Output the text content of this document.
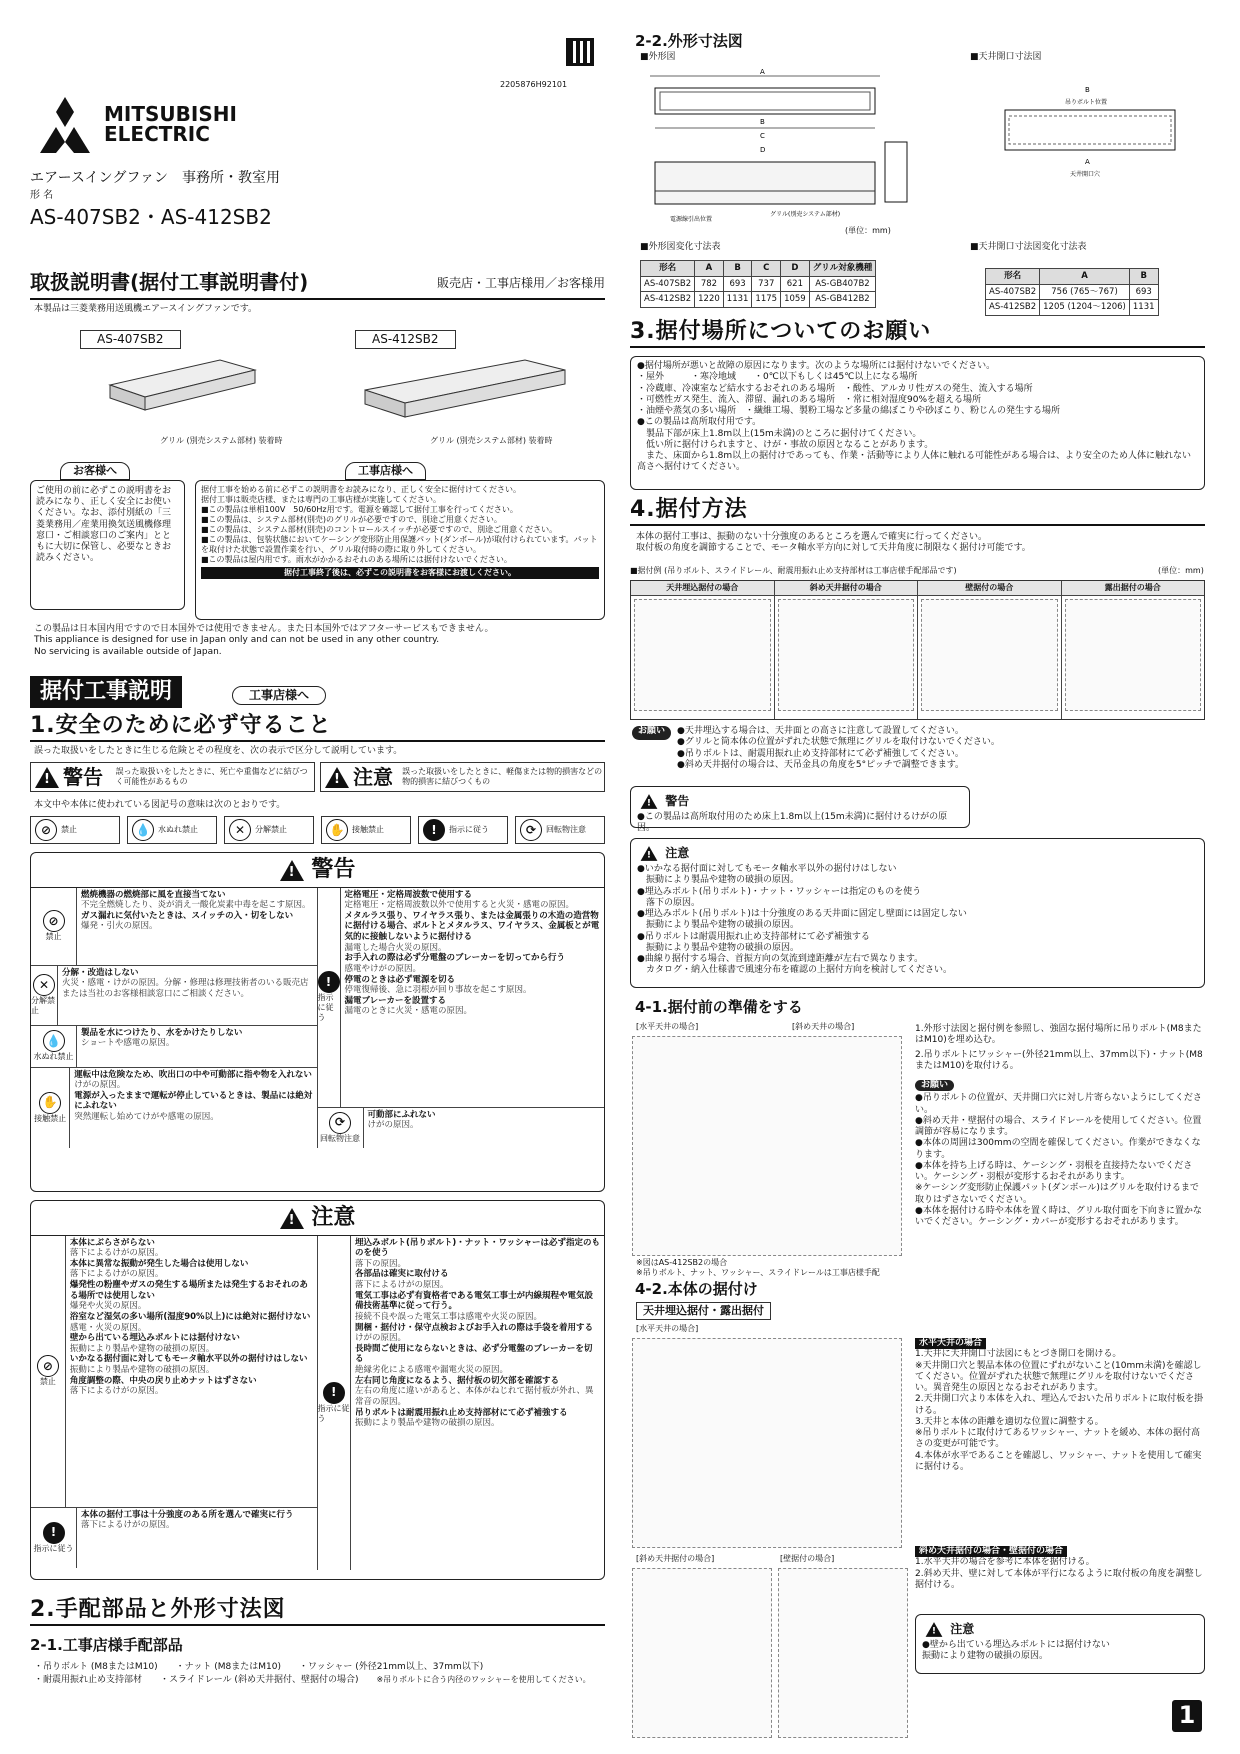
2205876H92101
MITSUBISHI
ELECTRIC
エアースイングファン　事務所・教室用
形 名
AS-407SB2・AS-412SB2
取扱説明書(据付工事説明書付)	販売店・工事店様用／お客様用
本製品は三菱業務用送風機エアースイングファンです。
AS-407SB2	AS-412SB2
グリル (別売システム部材) 装着時	グリル (別売システム部材) 装着時
お客様へ
ご使用の前に必ずこの説明書をお読みになり、正しく安全にお使いください。なお、添付別紙の「三菱業務用／産業用換気送風機修理窓口・ご相談窓口のご案内」とともに大切に保管し、必要なときお読みください。
工事店様へ
据付工事を始める前に必ずこの説明書をお読みになり、正しく安全に据付けてください。
据付工事は販売店様、または専門の工事店様が実施してください。
■この製品は単相100V　50/60Hz用です。電源を確認して据付工事を行ってください。
■この製品は、システム部材(別売)のグリルが必要ですので、別途ご用意ください。
■この製品は、システム部材(別売)のコントロールスイッチが必要ですので、別途ご用意ください。
■この製品は、包装状態においてケーシング変形防止用保護パット(ダンボール)が取付けられています。パットを取付けた状態で設置作業を行い、グリル取付時の際に取り外してください。
■この製品は屋内用です。雨水がかかるおそれのある場所には据付けないでください。
据付工事終了後は、必ずこの説明書をお客様にお渡しください。
この製品は日本国内用ですので日本国外では使用できません。また日本国外ではアフターサービスもできません。
This appliance is designed for use in Japan only and can not be used in any other country.
No servicing is available outside of Japan.
据付工事説明	工事店様へ
1.安全のために必ず守ること
誤った取扱いをしたときに生じる危険とその程度を、次の表示で区分して説明しています。
!
警告	誤った取扱いをしたときに、死亡や重傷などに結びつく可能性があるもの
!	注意	誤った取扱いをしたときに、軽傷または物的損害などの物的損害に結びつくもの
本文中や本体に使われている図記号の意味は次のとおりです。
⊘	禁止	💧 水ぬれ禁止	✕	分解禁止	✋ 接触禁止	!	指示に従う	⟳	回転物注意
! 警告
⊘
禁止
燃焼機器の燃焼部に風を直接当てない
不完全燃焼したり、炎が消え一酸化炭素中毒を起こす原因。
ガス漏れに気付いたときは、スイッチの入・切をしない
爆発・引火の原因。
✕
分解禁止
分解・改造はしない
火災・感電・けがの原因。分解・修理は修理技術者のいる販売店または当社のお客様相談窓口にご相談ください。
💧
水ぬれ禁止
製品を水につけたり、水をかけたりしない
ショートや感電の原因。
✋
接触禁止
運転中は危険なため、吹出口の中や可動部に指や物を入れない
けがの原因。
電源が入ったままで運転が停止しているときは、製品には絶対にふれない
突然運転し始めてけがや感電の原因。
!
指示に従う
定格電圧・定格周波数で使用する
定格電圧・定格周波数以外で使用すると火災・感電の原因。
メタルラス張り、ワイヤラス張り、または金属張りの木造の造営物に据付ける場合、ボルトとメタルラス、ワイヤラス、金属板とが電気的に接触しないように据付ける
漏電した場合火災の原因。
お手入れの際は必ず分電盤のブレーカーを切ってから行う
感電やけがの原因。
停電のときは必ず電源を切る
停電復帰後、急に羽根が回り事故を起こす原因。
漏電ブレーカーを設置する
漏電のときに火災・感電の原因。
⟳
回転物注意
可動部にふれない
けがの原因。
! 注意
⊘
禁止
本体にぶらさがらない
落下によるけがの原因。
本体に異常な振動が発生した場合は使用しない
落下によるけがの原因。
爆発性の粉塵やガスの発生する場所または発生するおそれのある場所では使用しない
爆発や火災の原因。
浴室など湿気の多い場所(湿度90%以上)には絶対に据付けない
感電・火災の原因。
壁から出ている埋込みボルトには据付けない
振動により製品や建物の破損の原因。
いかなる据付面に対してもモータ軸水平以外の据付けはしない
振動により製品や建物の破損の原因。
角度調整の際、中央の戻り止めナットはずさない
落下によるけがの原因。
!
指示に従う
本体の据付工事は十分強度のある所を選んで確実に行う
落下によるけがの原因。
!
指示に従う
埋込みボルト(吊りボルト)・ナット・ワッシャーは必ず指定のものを使う
落下の原因。
各部品は確実に取付ける
落下によるけがの原因。
電気工事は必ず有資格者である電気工事士が内線規程や電気設備技術基準に従って行う。
接続不良や誤った電気工事は感電や火災の原因。
開梱・据付け・保守点検およびお手入れの際は手袋を着用する
けがの原因。
長時間ご使用にならないときは、必ず分電盤のブレーカーを切る
絶縁劣化による感電や漏電火災の原因。
左右同じ角度になるよう、据付板の切欠部を確認する
左右の角度に違いがあると、本体がねじれて据付板が外れ、異常音の原因。
吊りボルトは耐震用振れ止め支持部材にて必ず補強する
振動により製品や建物の破損の原因。
2.手配部品と外形寸法図
2-1.工事店様手配部品
・吊りボルト (M8またはM10) ・ナット (M8またはM10) ・ワッシャー (外径21mm以上、37mm以下)
・耐震用振れ止め支持部材 ・スライドレール (斜め天井据付、壁据付の場合) ※吊りボルトに合う内径のワッシャーを使用してください。
2-2.外形寸法図
■外形図	■天井開口寸法図
A
B
C
D
電源線引出位置
グリル(別売システム部材)
B
吊りボルト位置
A
天井開口穴
(単位：mm)
■外形図変化寸法表
形名	A	B	C	D	グリル対象機種
AS-407SB2	782	693	737	621	AS-GB407B2
AS-412SB2	1220	1131	1175	1059	AS-GB412B2
■天井開口寸法図変化寸法表
形名	A	B
AS-407SB2	756 (765～767)	693
AS-412SB2	1205 (1204～1206)	1131
3.据付場所についてのお願い
●据付場所が悪いと故障の原因になります。次のような場所には据付けないでください。
・屋外　　　・寒冷地域　　・0℃以下もしくは45℃以上になる場所
・冷蔵庫、冷凍室など結水するおそれのある場所　・酸性、アルカリ性ガスの発生、流入する場所
・可燃性ガス発生、流入、滞留、漏れのある場所　・常に相対湿度90%を超える場所
・油煙や蒸気の多い場所　・繊維工場、製粉工場など多量の綿ぼこりや砂ぼこり、粉じんの発生する場所
●この製品は高所取付用です。
　製品下部が床上1.8m以上(15m未満)のところに据付けてください。
　低い所に据付けられますと、けが・事故の原因となることがあります。
　また、床面から1.8m以上の据付けであっても、作業・活動等により人体に触れる可能性がある場合は、より安全のため人体に触れない高さへ据付けてください。
4.据付方法
本体の据付工事は、振動のない十分強度のあるところを選んで確実に行ってください。
取付板の角度を調節することで、モータ軸水平方向に対して天井角度に制限なく据付け可能です。
■据付例 (吊りボルト、スライドレール、耐震用振れ止め支持部材は工事店様手配部品です)	(単位：mm)
天井埋込据付の場合	斜め天井据付の場合	壁据付の場合	露出据付の場合
お願い	●天井埋込する場合は、天井面との高さに注意して設置してください。
●グリルと筒本体の位置がずれた状態で無理にグリルを取付けないでください。
●吊りボルトは、耐震用振れ止め支持部材にて必ず補強してください。
●斜め天井据付の場合は、天吊金具の角度を5°ピッチで調整できます。
! 警告
●この製品は高所取付用のため床上1.8m以上(15m未満)に据付けるけがの原因。
! 注意
●いかなる据付面に対してもモータ軸水平以外の据付けはしない
　振動により製品や建物の破損の原因。
●埋込みボルト(吊りボルト)・ナット・ワッシャーは指定のものを使う
　落下の原因。
●埋込みボルト(吊りボルト)は十分強度のある天井面に固定し壁面には固定しない
　振動により製品や建物の破損の原因。
●吊りボルトは耐震用振れ止め支持部材にて必ず補強する
　振動により製品や建物の破損の原因。
●曲線り据付する場合、首振方向の気流到達距離が左右で異なります。
　カタログ・納入仕様書で風速分布を確認の上据付方向を検討してください。
4-1.据付前の準備をする
[水平天井の場合]	[斜め天井の場合]
※図はAS-412SB2の場合
※吊りボルト、ナット、ワッシャー、スライドレールは工事店様手配
1.外形寸法図と据付例を参照し、強固な据付場所に吊りボルト(M8またはM10)を埋め込む。
2.吊りボルトにワッシャー(外径21mm以上、37mm以下)・ナット(M8またはM10)を取付ける。
お願い
●吊りボルトの位置が、天井開口穴に対し片寄らないようにしてください。
●斜め天井・壁据付の場合、スライドレールを使用してください。位置調節が容易になります。
●本体の周囲は300mmの空間を確保してください。作業ができなくなります。
●本体を持ち上げる時は、ケーシング・羽根を直接持たないでください。ケーシング・羽根が変形するおそれがあります。
※ケーシング変形防止保護パット(ダンボール)はグリルを取付けるまで取りはずさないでください。
●本体を据付ける時や本体を置く時は、グリル取付面を下向きに置かないでください。ケーシング・カバーが変形するおそれがあります。
4-2.本体の据付け
天井埋込据付・露出据付
[水平天井の場合]
[斜め天井据付の場合]	[壁据付の場合]
水平天井の場合
1.天井に天井開口寸法図にもとづき開口を開ける。
※天井開口穴と製品本体の位置にずれがないこと(10mm未満)を確認してください。位置がずれた状態で無理にグリルを取付けないでください。異音発生の原因となるおそれがあります。
2.天井開口穴より本体を入れ、埋込んでおいた吊りボルトに取付板を掛ける。
3.天井と本体の距離を適切な位置に調整する。
※吊りボルトに取付けてあるワッシャー、ナットを緩め、本体の据付高さの変更が可能です。
4.本体が水平であることを確認し、ワッシャー、ナットを使用して確実に据付ける。
斜め天井据付の場合・壁据付の場合
1.水平天井の場合を参考に本体を据付ける。
2.斜め天井、壁に対して本体が平行になるように取付板の角度を調整し据付ける。
! 注意
●壁から出ている埋込みボルトには据付けない
振動により建物の破損の原因。
1
